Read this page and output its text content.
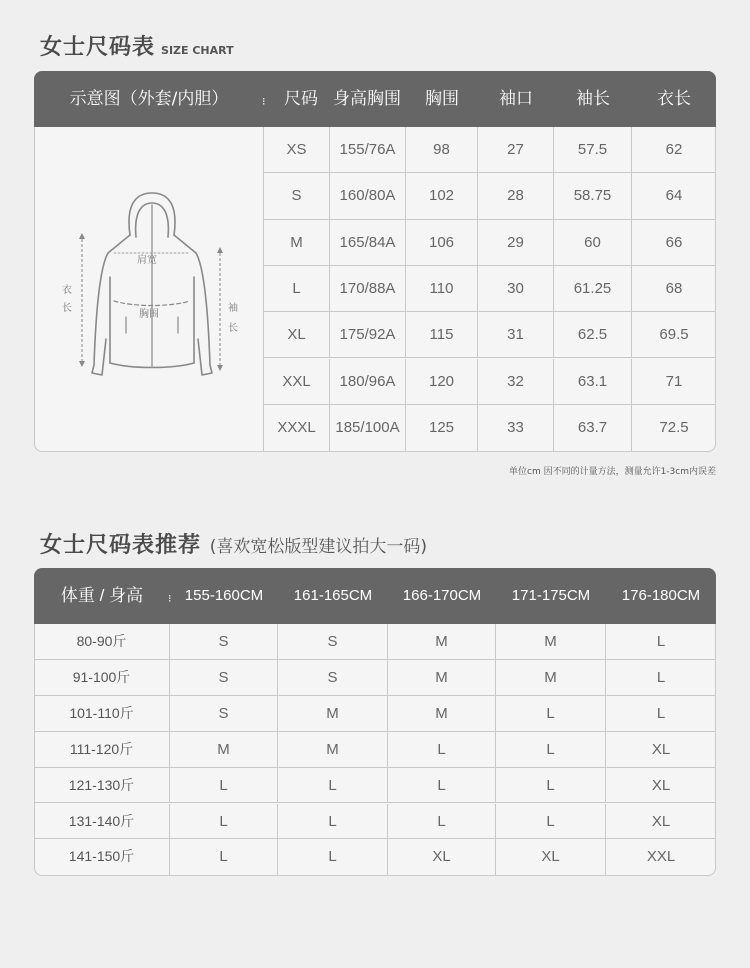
女士尺码表 SIZE CHART
示意图（外套/内胆）	⁝	尺码 身高胸围	胸围	袖口	袖长	衣长
肩宽
胸围
衣
长	袖
长
XS	155/76A	98	27	57.5	62
S	160/80A	102	28	58.75	64
M	165/84A	106	29	60	66
L	170/88A	110	30	61.25	68
XL	175/92A	115	31	62.5	69.5
XXL	180/96A	120	32	63.1	71
XXXL	185/100A	125	33	63.7	72.5
单位cm 因不同的计量方法，测量允许1-3cm内误差
女士尺码表推荐 (喜欢宽松版型建议拍大一码)
体重 / 身高	⁝ 155-160CM	161-165CM	166-170CM	171-175CM	176-180CM
80-90斤	S	S	M	M	L
91-100斤	S	S	M	M	L
101-110斤	S	M	M	L	L
111-120斤	M	M	L	L	XL
121-130斤	L	L	L	L	XL
131-140斤	L	L	L	L	XL
141-150斤	L	L	XL	XL	XXL
